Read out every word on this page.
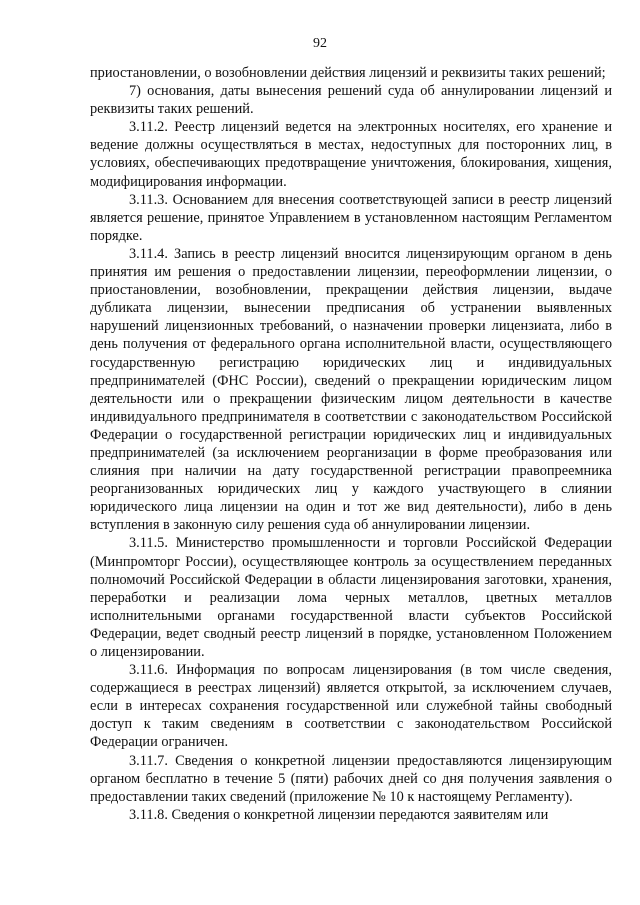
92

приостановлении, о возобновлении действия лицензий и реквизиты таких решений;

7) основания, даты вынесения решений суда об аннулировании лицензий и реквизиты таких решений.

3.11.2. Реестр лицензий ведется на электронных носителях, его хранение и ведение должны осуществляться в местах, недоступных для посторонних лиц, в условиях, обеспечивающих предотвращение уничтожения, блокирования, хищения, модифицирования информации.

3.11.3. Основанием для внесения соответствующей записи в реестр лицензий является решение, принятое Управлением в установленном настоящим Регламентом порядке.

3.11.4. Запись в реестр лицензий вносится лицензирующим органом в день принятия им решения о предоставлении лицензии, переоформлении лицензии, о приостановлении, возобновлении, прекращении действия лицензии, выдаче дубликата лицензии, вынесении предписания об устранении выявленных нарушений лицензионных требований, о назначении проверки лицензиата, либо в день получения от федерального органа исполнительной власти, осуществляющего государственную регистрацию юридических лиц и индивидуальных предпринимателей (ФНС России), сведений о прекращении юридическим лицом деятельности или о прекращении физическим лицом деятельности в качестве индивидуального предпринимателя в соответствии с законодательством Российской Федерации о государственной регистрации юридических лиц и индивидуальных предпринимателей (за исключением реорганизации в форме преобразования или слияния при наличии на дату государственной регистрации правопреемника реорганизованных юридических лиц у каждого участвующего в слиянии юридического лица лицензии на один и тот же вид деятельности), либо в день вступления в законную силу решения суда об аннулировании лицензии.

3.11.5. Министерство промышленности и торговли Российской Федерации (Минпромторг России), осуществляющее контроль за осуществлением переданных полномочий Российской Федерации в области лицензирования заготовки, хранения, переработки и реализации лома черных металлов, цветных металлов исполнительными органами государственной власти субъектов Российской Федерации, ведет сводный реестр лицензий в порядке, установленном Положением о лицензировании.

3.11.6. Информация по вопросам лицензирования (в том числе сведения, содержащиеся в реестрах лицензий) является открытой, за исключением случаев, если в интересах сохранения государственной или служебной тайны свободный доступ к таким сведениям в соответствии с законодательством Российской Федерации ограничен.

3.11.7. Сведения о конкретной лицензии предоставляются лицензирующим органом бесплатно в течение 5 (пяти) рабочих дней со дня получения заявления о предоставлении таких сведений (приложение № 10 к настоящему Регламенту).

3.11.8. Сведения о конкретной лицензии передаются заявителям или
